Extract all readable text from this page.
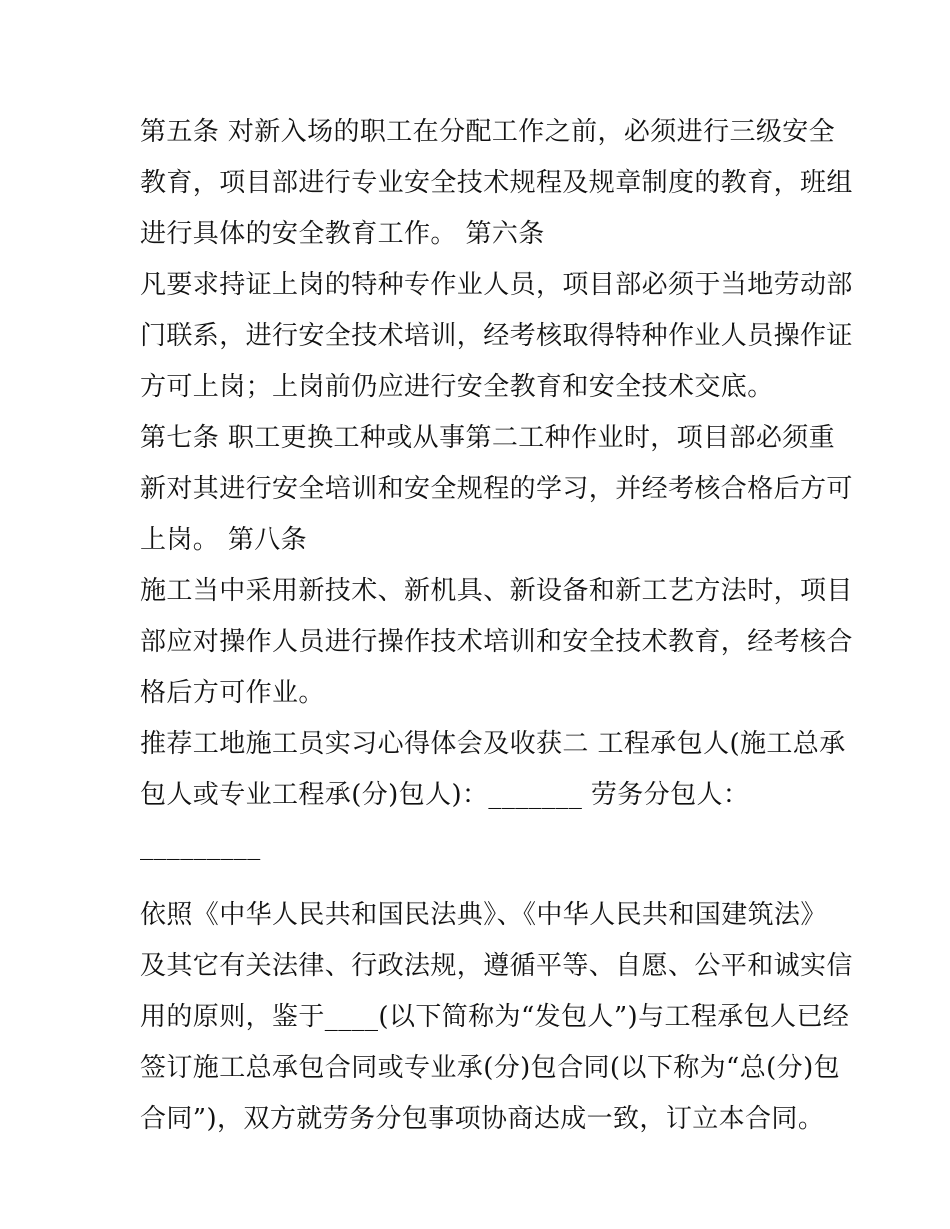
第五条 对新入场的职工在分配工作之前，必须进行三级安全
教育，项目部进行专业安全技术规程及规章制度的教育，班组
进行具体的安全教育工作。 第六条
凡要求持证上岗的特种专作业人员，项目部必须于当地劳动部
门联系，进行安全技术培训，经考核取得特种作业人员操作证
方可上岗；上岗前仍应进行安全教育和安全技术交底。
第七条 职工更换工种或从事第二工种作业时，项目部必须重
新对其进行安全培训和安全规程的学习，并经考核合格后方可
上岗。 第八条
施工当中采用新技术、新机具、新设备和新工艺方法时，项目
部应对操作人员进行操作技术培训和安全技术教育，经考核合
格后方可作业。
推荐工地施工员实习心得体会及收获二 工程承包人(施工总承
包人或专业工程承(分)包人)：_______ 劳务分包人：
_________
依照《中华人民共和国民法典》、《中华人民共和国建筑法》
及其它有关法律、行政法规，遵循平等、自愿、公平和诚实信
用的原则，鉴于____(以下简称为“发包人”)与工程承包人已经
签订施工总承包合同或专业承(分)包合同(以下称为“总(分)包
合同”)，双方就劳务分包事项协商达成一致，订立本合同。
